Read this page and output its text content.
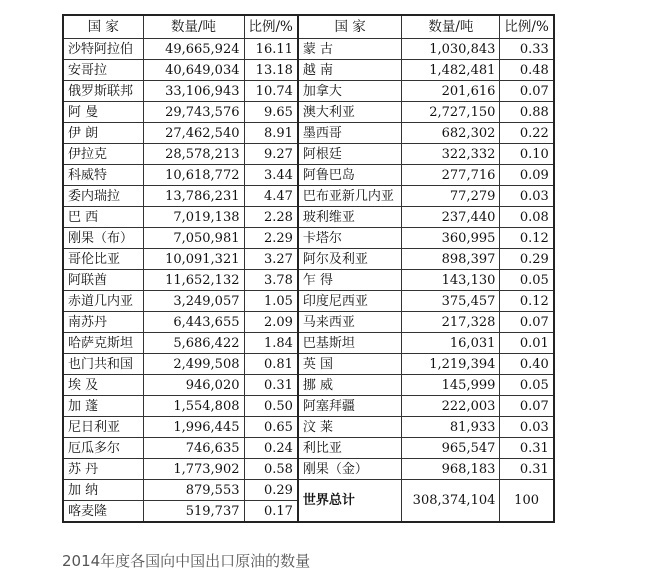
国 家	数量/吨	比例/%	国 家	数量/吨	比例/%
沙特阿拉伯	49,665,924	16.11	蒙 古	1,030,843	0.33
安哥拉	40,649,034	13.18	越 南	1,482,481	0.48
俄罗斯联邦	33,106,943	10.74	加拿大	201,616	0.07
阿 曼	29,743,576	9.65	澳大利亚	2,727,150	0.88
伊 朗	27,462,540	8.91	墨西哥	682,302	0.22
伊拉克	28,578,213	9.27	阿根廷	322,332	0.10
科威特	10,618,772	3.44	阿鲁巴岛	277,716	0.09
委内瑞拉	13,786,231	4.47	巴布亚新几内亚	77,279	0.03
巴 西	7,019,138	2.28	玻利维亚	237,440	0.08
刚果（布）	7,050,981	2.29	卡塔尔	360,995	0.12
哥伦比亚	10,091,321	3.27	阿尔及利亚	898,397	0.29
阿联酋	11,652,132	3.78	乍 得	143,130	0.05
赤道几内亚	3,249,057	1.05	印度尼西亚	375,457	0.12
南苏丹	6,443,655	2.09	马来西亚	217,328	0.07
哈萨克斯坦	5,686,422	1.84	巴基斯坦	16,031	0.01
也门共和国	2,499,508	0.81	英 国	1,219,394	0.40
埃 及	946,020	0.31	挪 威	145,999	0.05
加 蓬	1,554,808	0.50	阿塞拜疆	222,003	0.07
尼日利亚	1,996,445	0.65	汶 莱	81,933	0.03
厄瓜多尔	746,635	0.24	利比亚	965,547	0.31
苏 丹	1,773,902	0.58	刚果（金）	968,183	0.31
加 纳	879,553	0.29	世界总计	308,374,104	100
喀麦隆	519,737	0.17			
2014年度各国向中国出口原油的数量
